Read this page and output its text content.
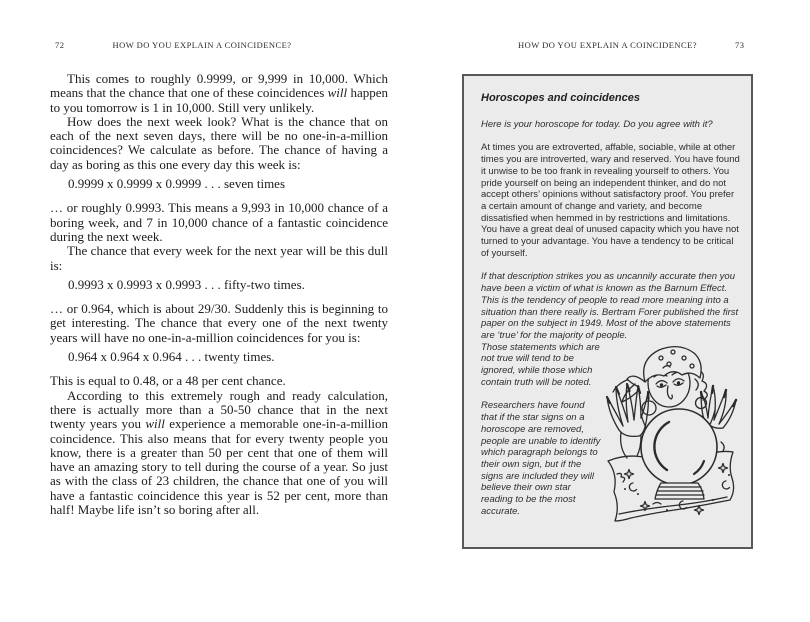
72	HOW DO YOU EXPLAIN A COINCIDENCE?	HOW DO YOU EXPLAIN A COINCIDENCE?	73

This comes to roughly 0.9999, or 9,999 in 10,000. Which means that the chance that one of these coincidences will happen to you tomorrow is 1 in 10,000. Still very unlikely.

How does the next week look? What is the chance that on each of the next seven days, there will be no one-in-a-million coincidences? We calculate as before. The chance of having a day as boring as this one every day this week is:

0.9999 x 0.9999 x 0.9999 . . . seven times

… or roughly 0.9993. This means a 9,993 in 10,000 chance of a boring week, and 7 in 10,000 chance of a fantastic coincidence during the next week.

The chance that every week for the next year will be this dull is:

0.9993 x 0.9993 x 0.9993 . . . fifty-two times.

… or 0.964, which is about 29/30. Suddenly this is beginning to get interesting. The chance that every one of the next twenty years will have no one-in-a-million coincidences for you is:

0.964 x 0.964 x 0.964 . . . twenty times.

This is equal to 0.48, or a 48 per cent chance.

According to this extremely rough and ready calculation, there is actually more than a 50-50 chance that in the next twenty years you will experience a memorable one-in-a-million coincidence. This also means that for every twenty people you know, there is a greater than 50 per cent that one of them will have an amazing story to tell during the course of a year. So just as with the class of 23 children, the chance that one of you will have a fantastic coincidence this year is 52 per cent, more than half! Maybe life isn’t so boring after all.

Horoscopes and coincidences

Here is your horoscope for today. Do you agree with it?

At times you are extroverted, affable, sociable, while at other times you are introverted, wary and reserved. You have found it unwise to be too frank in revealing yourself to others. You pride yourself on being an independent thinker, and do not accept others’ opinions without satisfactory proof. You prefer a certain amount of change and variety, and become dissatisfied when hemmed in by restrictions and limitations. You have a great deal of unused capacity which you have not turned to your advantage. You have a tendency to be critical of yourself.

If that description strikes you as uncannily accurate then you have been a victim of what is known as the Barnum Effect. This is the tendency of people to read more meaning into a situation than there really is. Bertram Forer published the first paper on the subject in 1949. Most of the above statements are ‘true’ for the majority of people.

Those statements which are not true will tend to be ignored, while those which contain truth will be noted.

Researchers have found that if the star signs on a horoscope are removed, people are unable to identify which paragraph belongs to their own sign, but if the signs are included they will believe their own star reading to be the most accurate.
